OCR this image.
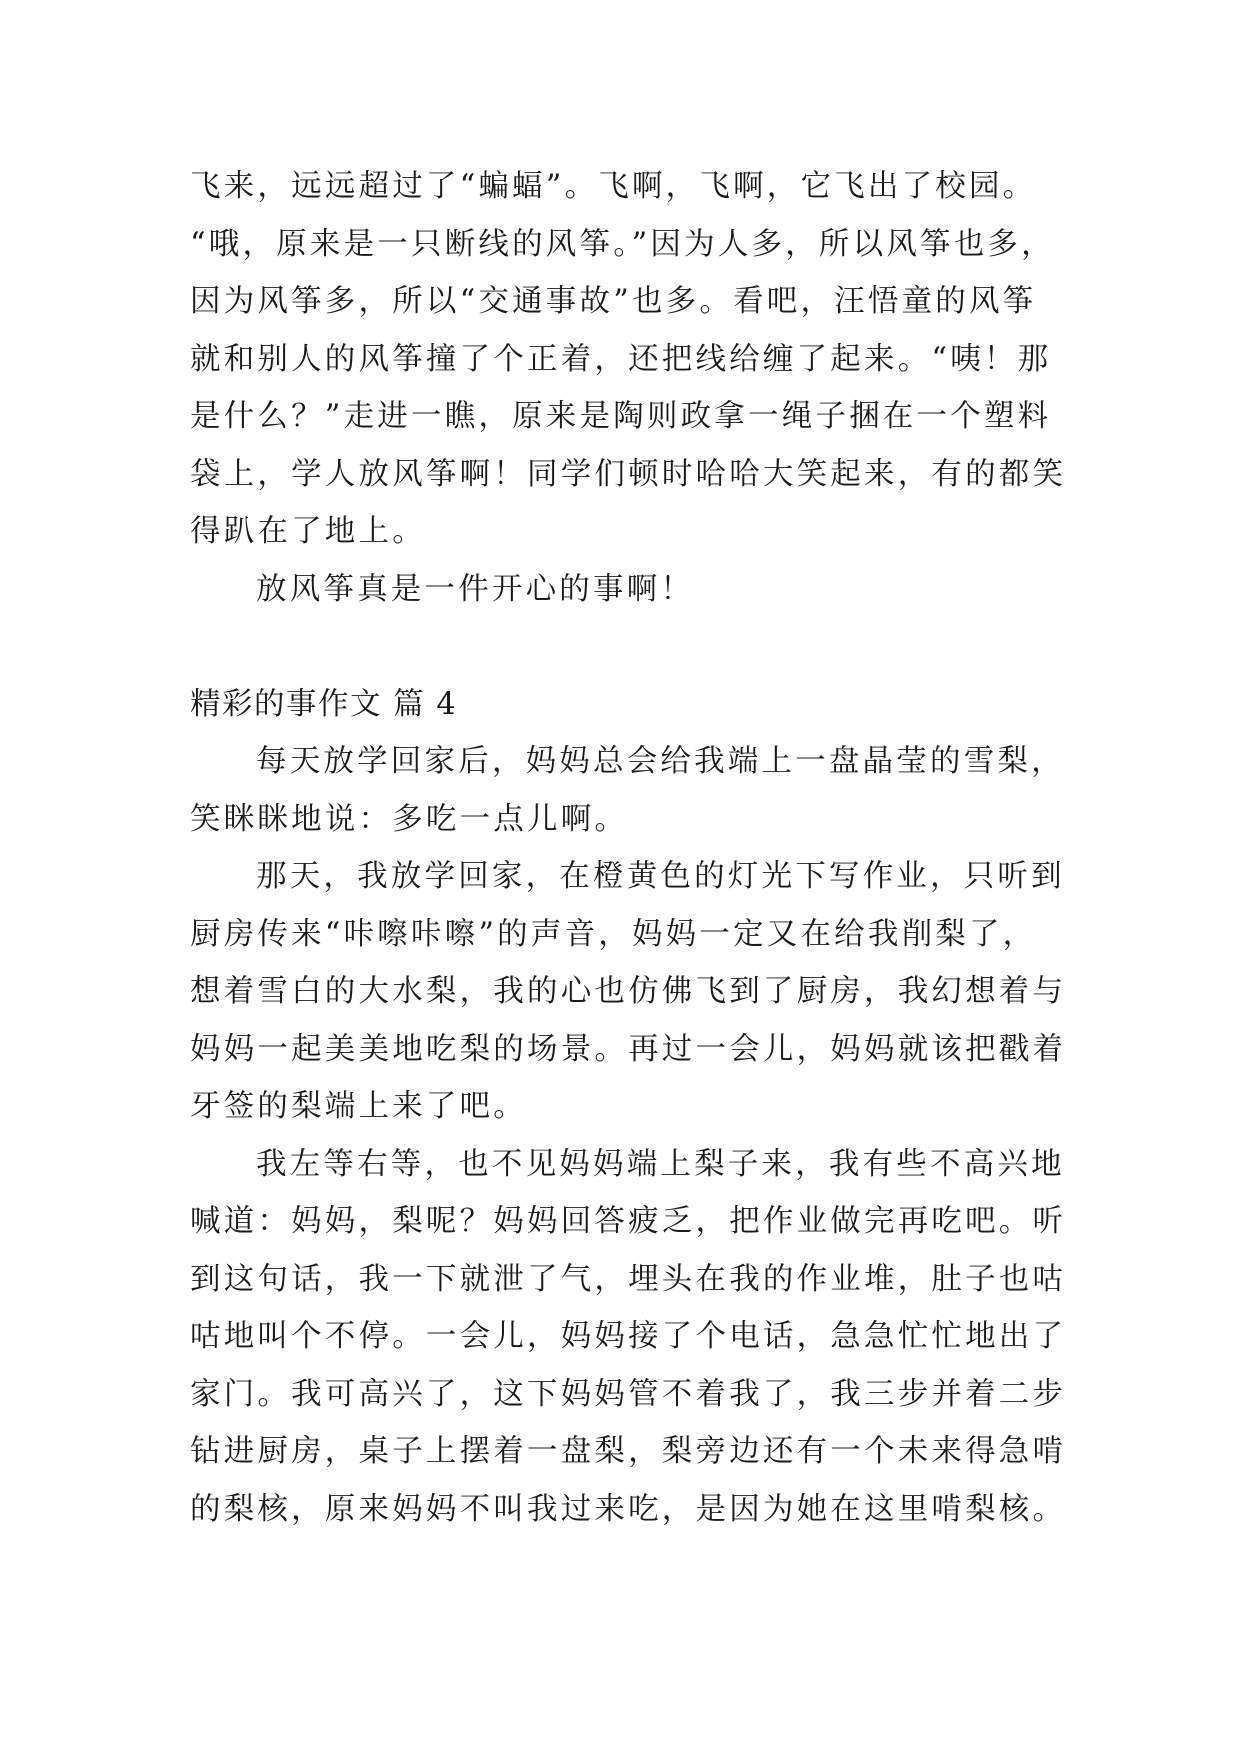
飞来，远远超过了“蝙蝠”。飞啊，飞啊，它飞出了校园。
“哦，原来是一只断线的风筝。”因为人多，所以风筝也多，
因为风筝多，所以“交通事故”也多。看吧，汪悟童的风筝
就和别人的风筝撞了个正着，还把线给缠了起来。“咦！那
是什么？”走进一瞧，原来是陶则政拿一绳子捆在一个塑料
袋上，学人放风筝啊！同学们顿时哈哈大笑起来，有的都笑
得趴在了地上。
放风筝真是一件开心的事啊！
精彩的事作文 篇 4
每天放学回家后，妈妈总会给我端上一盘晶莹的雪梨，
笑眯眯地说：多吃一点儿啊。
那天，我放学回家，在橙黄色的灯光下写作业，只听到
厨房传来“咔嚓咔嚓”的声音，妈妈一定又在给我削梨了，
想着雪白的大水梨，我的心也仿佛飞到了厨房，我幻想着与
妈妈一起美美地吃梨的场景。再过一会儿，妈妈就该把戳着
牙签的梨端上来了吧。
我左等右等，也不见妈妈端上梨子来，我有些不高兴地
喊道：妈妈，梨呢？妈妈回答疲乏，把作业做完再吃吧。听
到这句话，我一下就泄了气，埋头在我的作业堆，肚子也咕
咕地叫个不停。一会儿，妈妈接了个电话，急急忙忙地出了
家门。我可高兴了，这下妈妈管不着我了，我三步并着二步
钻进厨房，桌子上摆着一盘梨，梨旁边还有一个未来得急啃
的梨核，原来妈妈不叫我过来吃，是因为她在这里啃梨核。
